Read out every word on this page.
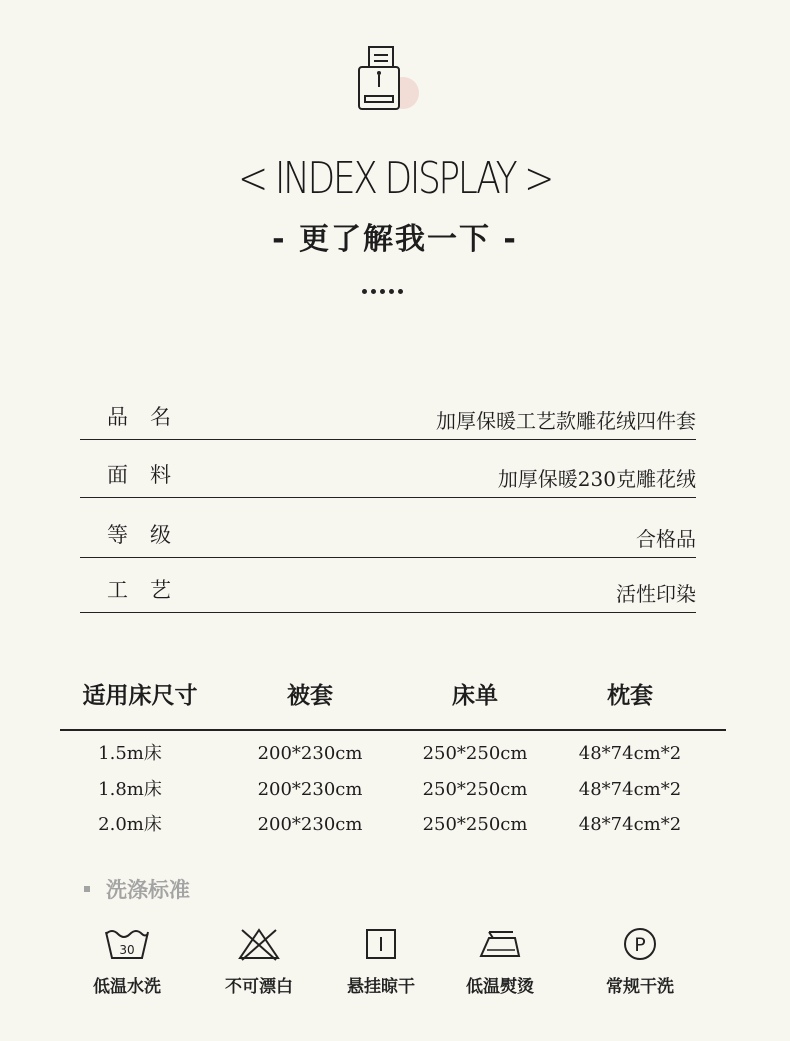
< INDEX DISPLAY >
- 更了解我一下 -
品名	加厚保暖工艺款雕花绒四件套
面料	加厚保暖230克雕花绒
等级	合格品
工艺	活性印染
适用床尺寸	被套	床单	枕套
1.5m床	200*230cm	250*250cm	48*74cm*2
1.8m床	200*230cm	250*250cm	48*74cm*2
2.0m床	200*230cm	250*250cm	48*74cm*2
洗涤标准
30
低温水洗	不可漂白	悬挂晾干	低温熨烫
P
常规干洗
